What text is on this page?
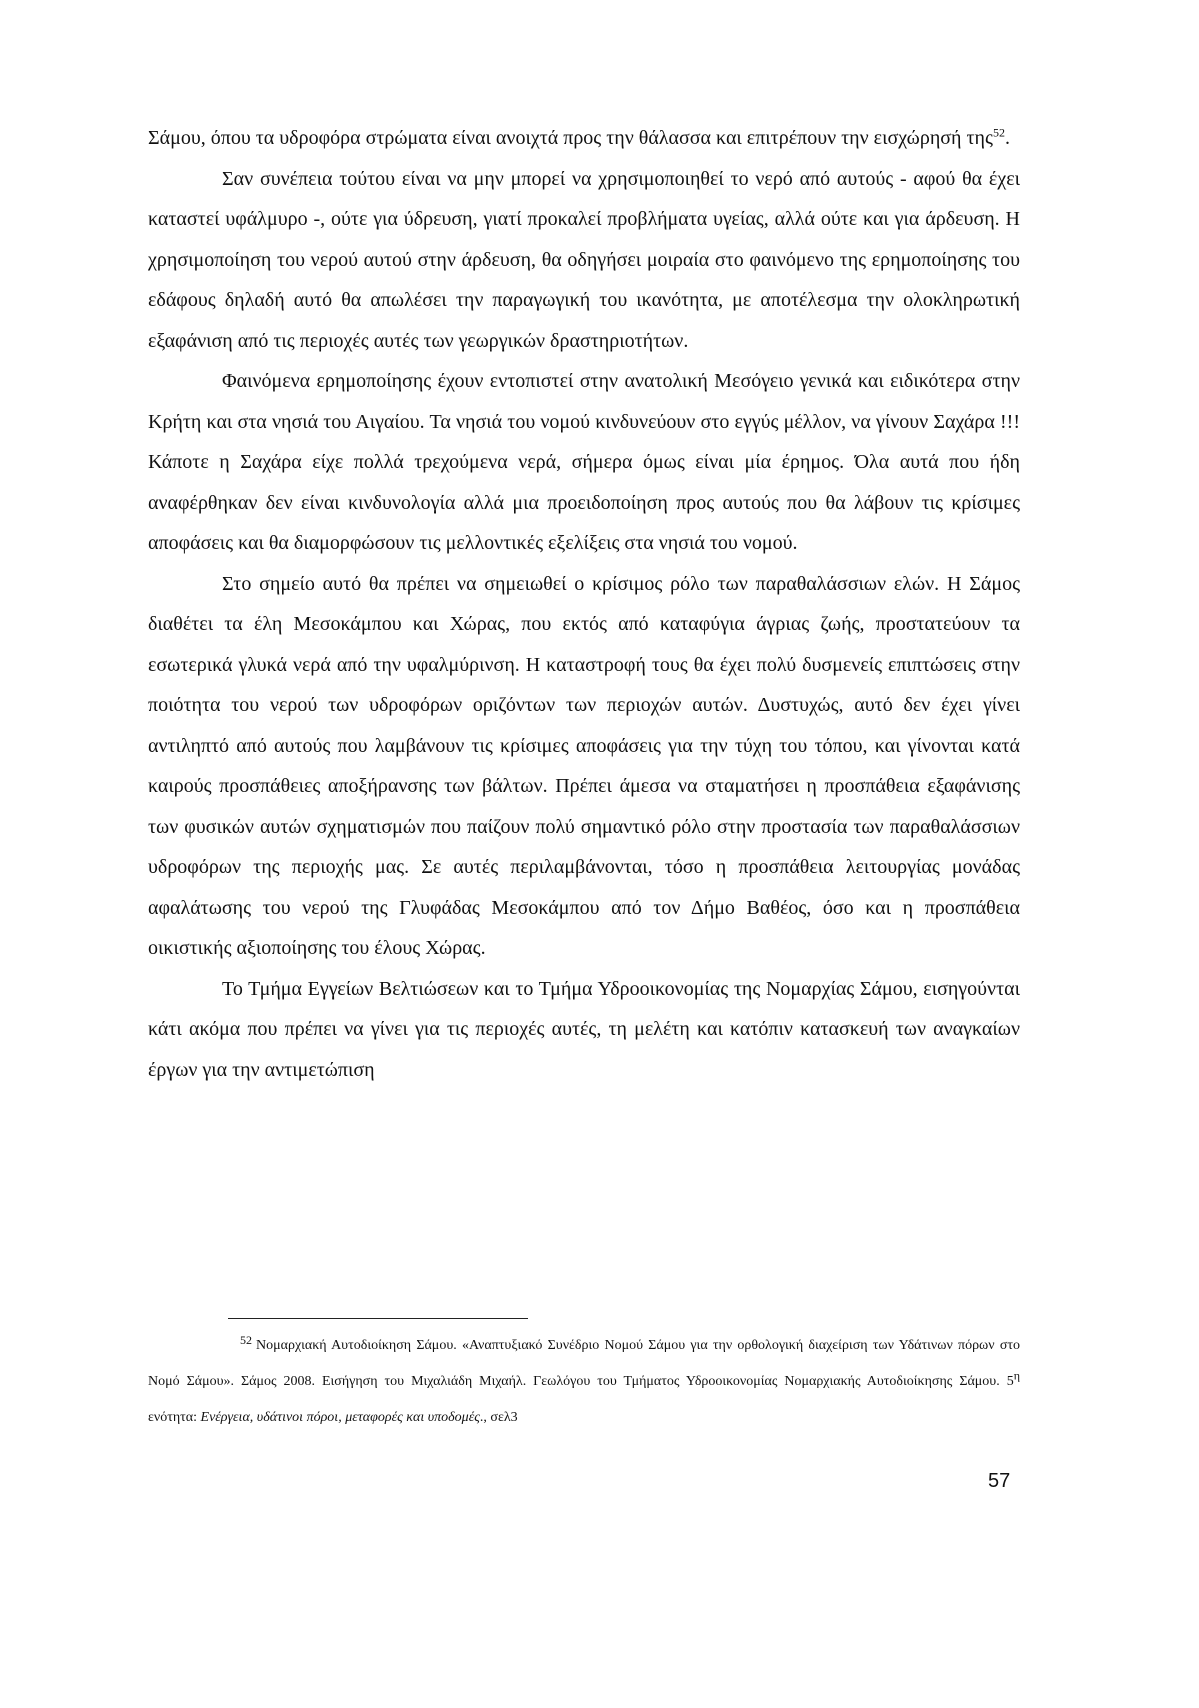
Σάμου, όπου τα υδροφόρα στρώματα είναι ανοιχτά προς την θάλασσα και επιτρέπουν την εισχώρησή της$^{52}$.

Σαν συνέπεια τούτου είναι να μην μπορεί να χρησιμοποιηθεί το νερό από αυτούς - αφού θα έχει καταστεί υφάλμυρο -, ούτε για ύδρευση, γιατί προκαλεί προβλήματα υγείας, αλλά ούτε και για άρδευση. Η χρησιμοποίηση του νερού αυτού στην άρδευση, θα οδηγήσει μοιραία στο φαινόμενο της ερημοποίησης του εδάφους δηλαδή αυτό θα απωλέσει την παραγωγική του ικανότητα, με αποτέλεσμα την ολοκληρωτική εξαφάνιση από τις περιοχές αυτές των γεωργικών δραστηριοτήτων.

Φαινόμενα ερημοποίησης έχουν εντοπιστεί στην ανατολική Μεσόγειο γενικά και ειδικότερα στην Κρήτη και στα νησιά του Αιγαίου. Τα νησιά του νομού κινδυνεύουν στο εγγύς μέλλον, να γίνουν Σαχάρα !!! Κάποτε η Σαχάρα είχε πολλά τρεχούμενα νερά, σήμερα όμως είναι μία έρημος. Όλα αυτά που ήδη αναφέρθηκαν δεν είναι κινδυνολογία αλλά μια προειδοποίηση προς αυτούς που θα λάβουν τις κρίσιμες αποφάσεις και θα διαμορφώσουν τις μελλοντικές εξελίξεις στα νησιά του νομού.

Στο σημείο αυτό θα πρέπει να σημειωθεί ο κρίσιμος ρόλο των παραθαλάσσιων ελών. Η Σάμος διαθέτει τα έλη Μεσοκάμπου και Χώρας, που εκτός από καταφύγια άγριας ζωής, προστατεύουν τα εσωτερικά γλυκά νερά από την υφαλμύρινση. Η καταστροφή τους θα έχει πολύ δυσμενείς επιπτώσεις στην ποιότητα του νερού των υδροφόρων οριζόντων των περιοχών αυτών. Δυστυχώς, αυτό δεν έχει γίνει αντιληπτό από αυτούς που λαμβάνουν τις κρίσιμες αποφάσεις για την τύχη του τόπου, και γίνονται κατά καιρούς προσπάθειες αποξήρανσης των βάλτων. Πρέπει άμεσα να σταματήσει η προσπάθεια εξαφάνισης των φυσικών αυτών σχηματισμών που παίζουν πολύ σημαντικό ρόλο στην προστασία των παραθαλάσσιων υδροφόρων της περιοχής μας. Σε αυτές περιλαμβάνονται, τόσο η προσπάθεια λειτουργίας μονάδας αφαλάτωσης του νερού της Γλυφάδας Μεσοκάμπου από τον Δήμο Βαθέος, όσο και η προσπάθεια οικιστικής αξιοποίησης του έλους Χώρας.

Το Τμήμα Εγγείων Βελτιώσεων και το Τμήμα Υδροοικονομίας της Νομαρχίας Σάμου, εισηγούνται κάτι ακόμα που πρέπει να γίνει για τις περιοχές αυτές, τη μελέτη και κατόπιν κατασκευή των αναγκαίων έργων για την αντιμετώπιση

52 Νομαρχιακή Αυτοδιοίκηση Σάμου. «Αναπτυξιακό Συνέδριο Νομού Σάμου για την ορθολογική διαχείριση των Υδάτινων πόρων στο Νομό Σάμου». Σάμος 2008. Εισήγηση του Μιχαλιάδη Μιχαήλ. Γεωλόγου του Τμήματος Υδροοικονομίας Νομαρχιακής Αυτοδιοίκησης Σάμου. $5^\eta$ ενότητα: Ενέργεια, υδάτινοι πόροι, μεταφορές και υποδομές., σελ3
57
